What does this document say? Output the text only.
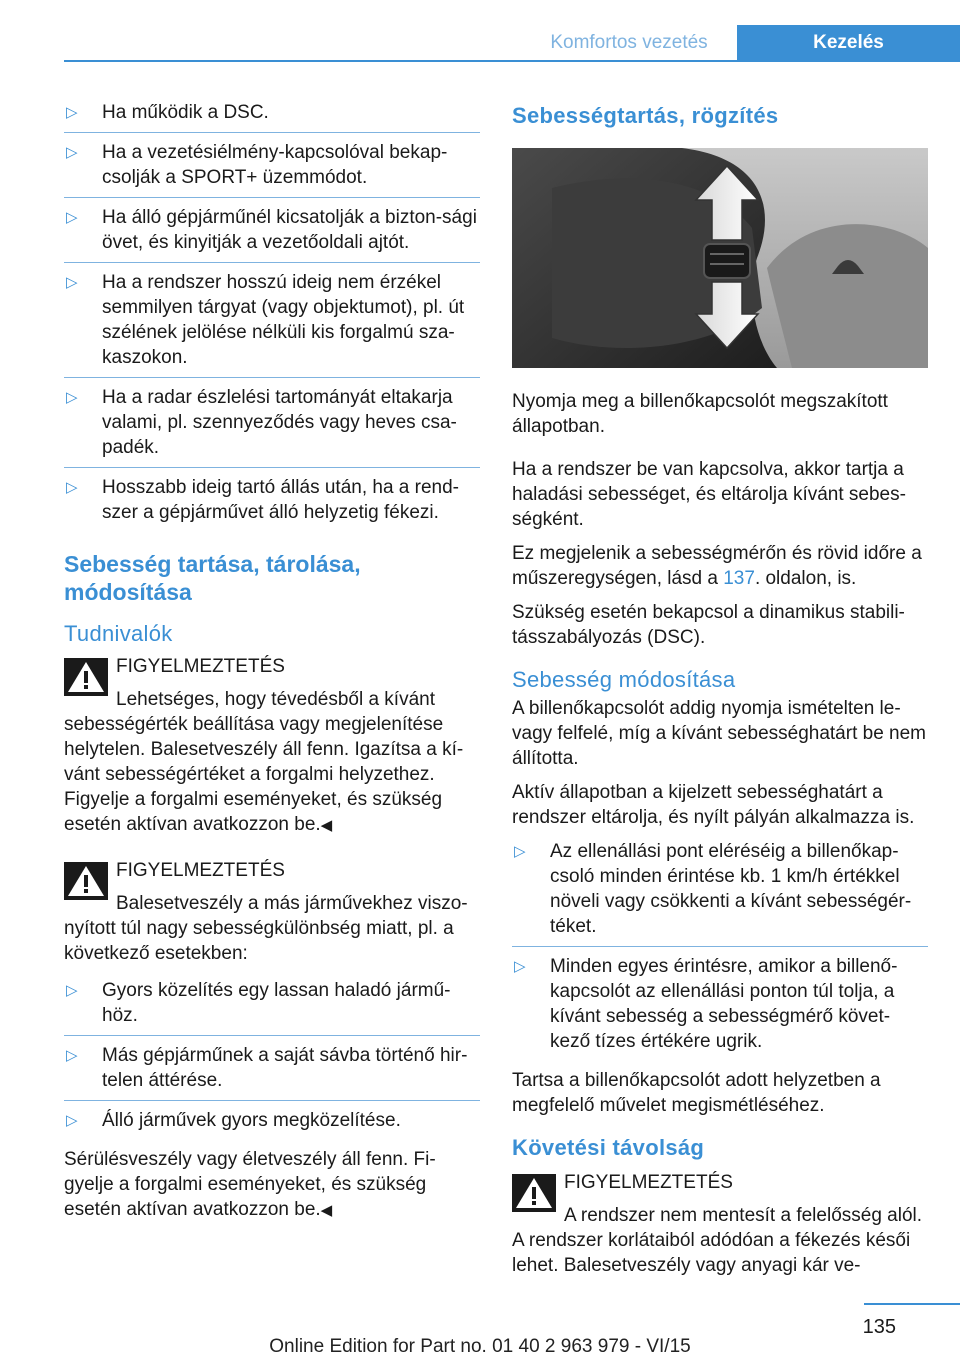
Komfortos vezetés	Kezelés
▷	Ha működik a DSC.
▷	Ha a vezetésiélmény-kapcsolóval bekap‐csolják a SPORT+ üzemmódot.
▷	Ha álló gépjárműnél kicsatolják a bizton‐sági övet, és kinyitják a vezetőoldali ajtót.
▷	Ha a rendszer hosszú ideig nem érzékel semmilyen tárgyat (vagy objektumot), pl. út szélének jelölése nélküli kis forgalmú sza‐kaszokon.
▷	Ha a radar észlelési tartományát eltakarja valami, pl. szennyeződés vagy heves csa‐padék.
▷	Hosszabb ideig tartó állás után, ha a rend‐szer a gépjárművet álló helyzetig fékezi.
Sebesség tartása, tárolása, módosítása
Tudnivalók
FIGYELMEZTETÉS
Lehetséges, hogy tévedésből a kívánt sebességérték beállítása vagy megjelenítése helytelen. Balesetveszély áll fenn. Igazítsa a kí‐vánt sebességértéket a forgalmi helyzethez. Figyelje a forgalmi eseményeket, és szükség esetén aktívan avatkozzon be.◀
FIGYELMEZTETÉS
Balesetveszély a más járművekhez viszo‐nyított túl nagy sebességkülönbség miatt, pl. a következő esetekben:
▷	Gyors közelítés egy lassan haladó jármű‐höz.
▷	Más gépjárműnek a saját sávba történő hir‐telen áttérése.
▷	Álló járművek gyors megközelítése.
Sérülésveszély vagy életveszély áll fenn. Fi‐gyelje a forgalmi eseményeket, és szükség esetén aktívan avatkozzon be.◀
Sebességtartás, rögzítés
Nyomja meg a billenőkapcsolót megszakított állapotban.
Ha a rendszer be van kapcsolva, akkor tartja a haladási sebességet, és eltárolja kívánt sebes‐ségként.
Ez megjelenik a sebességmérőn és rövid időre a műszeregységen, lásd a 137. oldalon, is.
Szükség esetén bekapcsol a dinamikus stabili‐tásszabályozás (DSC).
Sebesség módosítása
A billenőkapcsolót addig nyomja ismételten le- vagy felfelé, míg a kívánt sebességhatárt be nem állította.
Aktív állapotban a kijelzett sebességhatárt a rendszer eltárolja, és nyílt pályán alkalmazza is.
▷	Az ellenállási pont eléréséig a billenőkap‐csoló minden érintése kb. 1 km/h értékkel növeli vagy csökkenti a kívánt sebességér‐téket.
▷	Minden egyes érintésre, amikor a billenő‐kapcsolót az ellenállási ponton túl tolja, a kívánt sebesség a sebességmérő követ‐kező tízes értékére ugrik.
Tartsa a billenőkapcsolót adott helyzetben a megfelelő művelet megismétléséhez.
Követési távolság
FIGYELMEZTETÉS
A rendszer nem mentesít a felelősség alól. A rendszer korlátaiból adódóan a fékezés késői lehet. Balesetveszély vagy anyagi kár ve‐
135
Online Edition for Part no. 01 40 2 963 979 - VI/15
